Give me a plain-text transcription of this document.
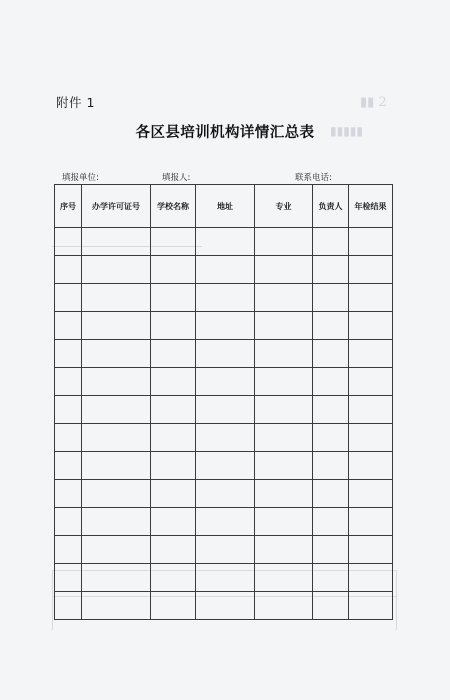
▮▮ 2
▮▮▮▮▮
附件 1
各区县培训机构详情汇总表
填报单位:	填报人:	联系电话:
序号	办学许可证号	学校名称	地址	专业	负责人	年检结果
